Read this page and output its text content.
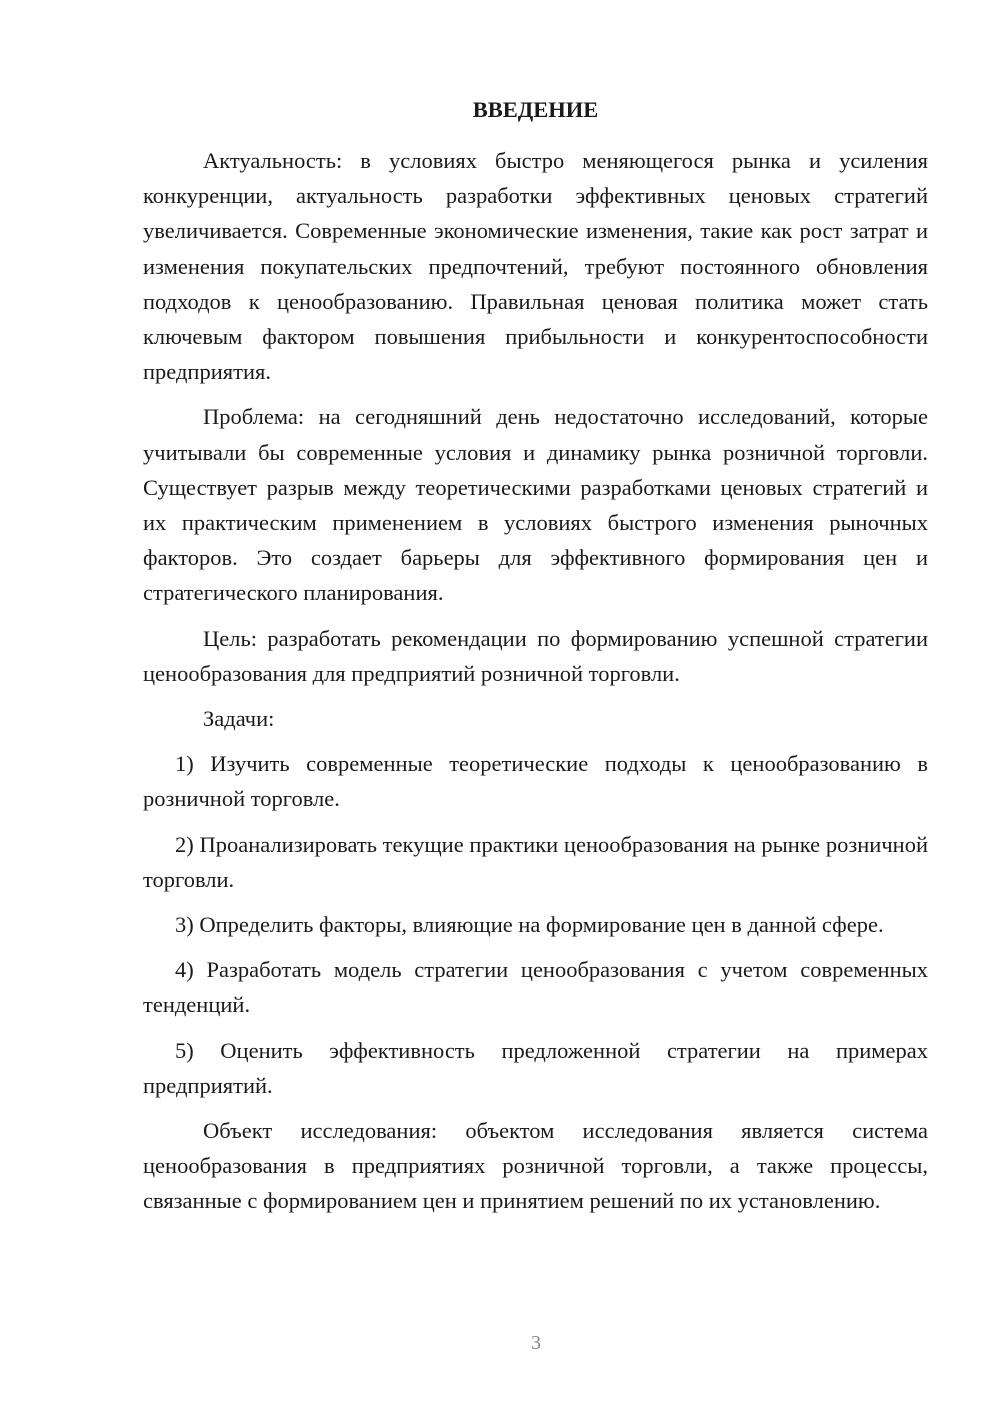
ВВЕДЕНИЕ

Актуальность: в условиях быстро меняющегося рынка и усиления конкуренции, актуальность разработки эффективных ценовых стратегий увеличивается. Современные экономические изменения, такие как рост затрат и изменения покупательских предпочтений, требуют постоянного обновления подходов к ценообразованию. Правильная ценовая политика может стать ключевым фактором повышения прибыльности и конкурентоспособности предприятия.

Проблема: на сегодняшний день недостаточно исследований, которые учитывали бы современные условия и динамику рынка розничной торговли. Существует разрыв между теоретическими разработками ценовых стратегий и их практическим применением в условиях быстрого изменения рыночных факторов. Это создает барьеры для эффективного формирования цен и стратегического планирования.

Цель: разработать рекомендации по формированию успешной стратегии ценообразования для предприятий розничной торговли.

Задачи:

1) Изучить современные теоретические подходы к ценообразованию в розничной торговле.

2) Проанализировать текущие практики ценообразования на рынке розничной торговли.

3) Определить факторы, влияющие на формирование цен в данной сфере.

4) Разработать модель стратегии ценообразования с учетом современных тенденций.

5) Оценить эффективность предложенной стратегии на примерах предприятий.

Объект исследования: объектом исследования является система ценообразования в предприятиях розничной торговли, а также процессы, связанные с формированием цен и принятием решений по их установлению.

3
